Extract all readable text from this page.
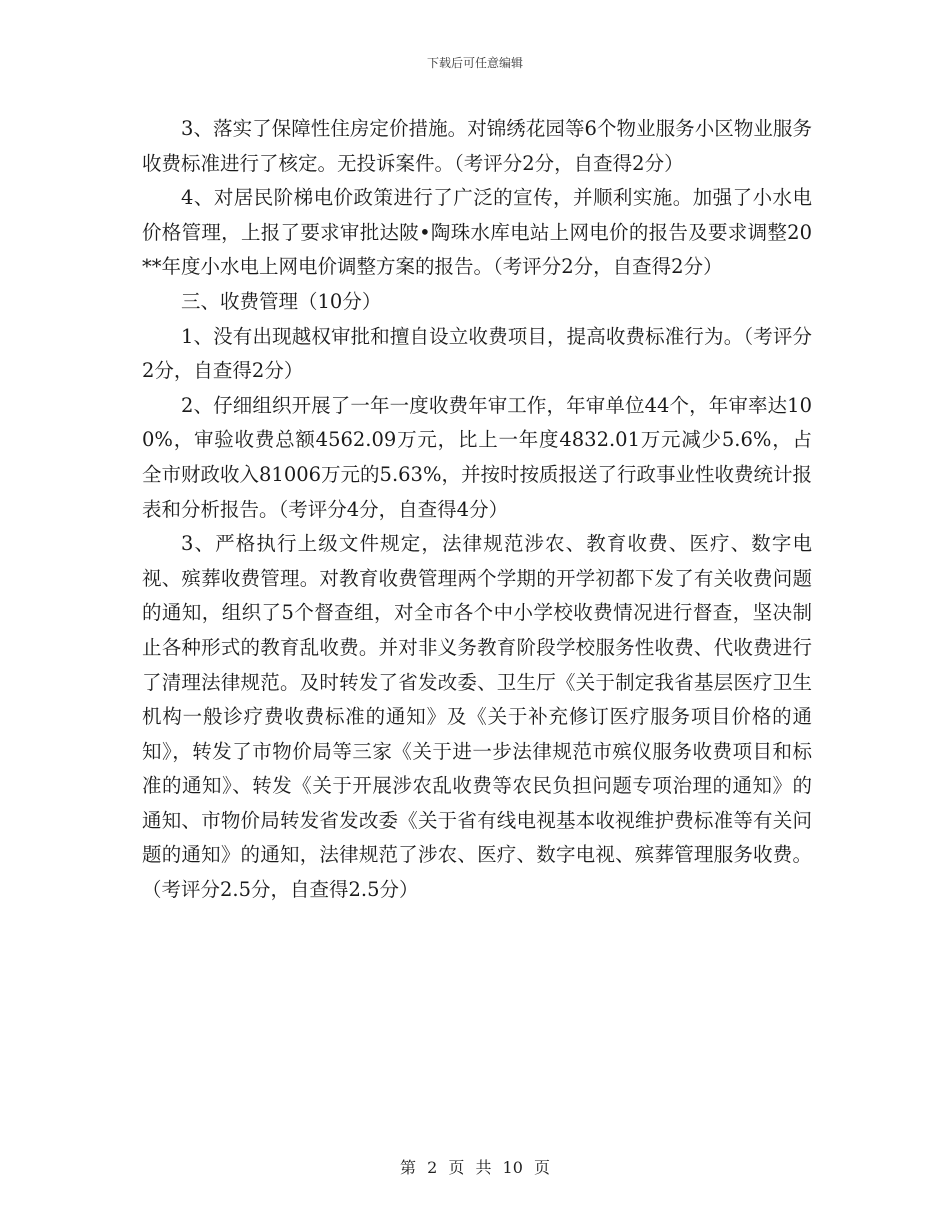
下载后可任意编辑

3、落实了保障性住房定价措施。对锦绣花园等6个物业服务小区物业服务收费标准进行了核定。无投诉案件。（考评分2分，自查得2分）

4、对居民阶梯电价政策进行了广泛的宣传，并顺利实施。加强了小水电价格管理，上报了要求审批达陂•陶珠水库电站上网电价的报告及要求调整20**年度小水电上网电价调整方案的报告。（考评分2分，自查得2分）

三、收费管理（10分）

1、没有出现越权审批和擅自设立收费项目，提高收费标准行为。（考评分2分，自查得2分）

2、仔细组织开展了一年一度收费年审工作，年审单位44个，年审率达100%，审验收费总额4562.09万元，比上一年度4832.01万元减少5.6%，占全市财政收入81006万元的5.63%，并按时按质报送了行政事业性收费统计报表和分析报告。（考评分4分，自查得4分）

3、严格执行上级文件规定，法律规范涉农、教育收费、医疗、数字电视、殡葬收费管理。对教育收费管理两个学期的开学初都下发了有关收费问题的通知，组织了5个督查组，对全市各个中小学校收费情况进行督查，坚决制止各种形式的教育乱收费。并对非义务教育阶段学校服务性收费、代收费进行了清理法律规范。及时转发了省发改委、卫生厅《关于制定我省基层医疗卫生机构一般诊疗费收费标准的通知》及《关于补充修订医疗服务项目价格的通知》，转发了市物价局等三家《关于进一步法律规范市殡仪服务收费项目和标准的通知》、转发《关于开展涉农乱收费等农民负担问题专项治理的通知》的通知、市物价局转发省发改委《关于省有线电视基本收视维护费标准等有关问题的通知》的通知，法律规范了涉农、医疗、数字电视、殡葬管理服务收费。（考评分2.5分，自查得2.5分）

第 2 页 共 10 页
